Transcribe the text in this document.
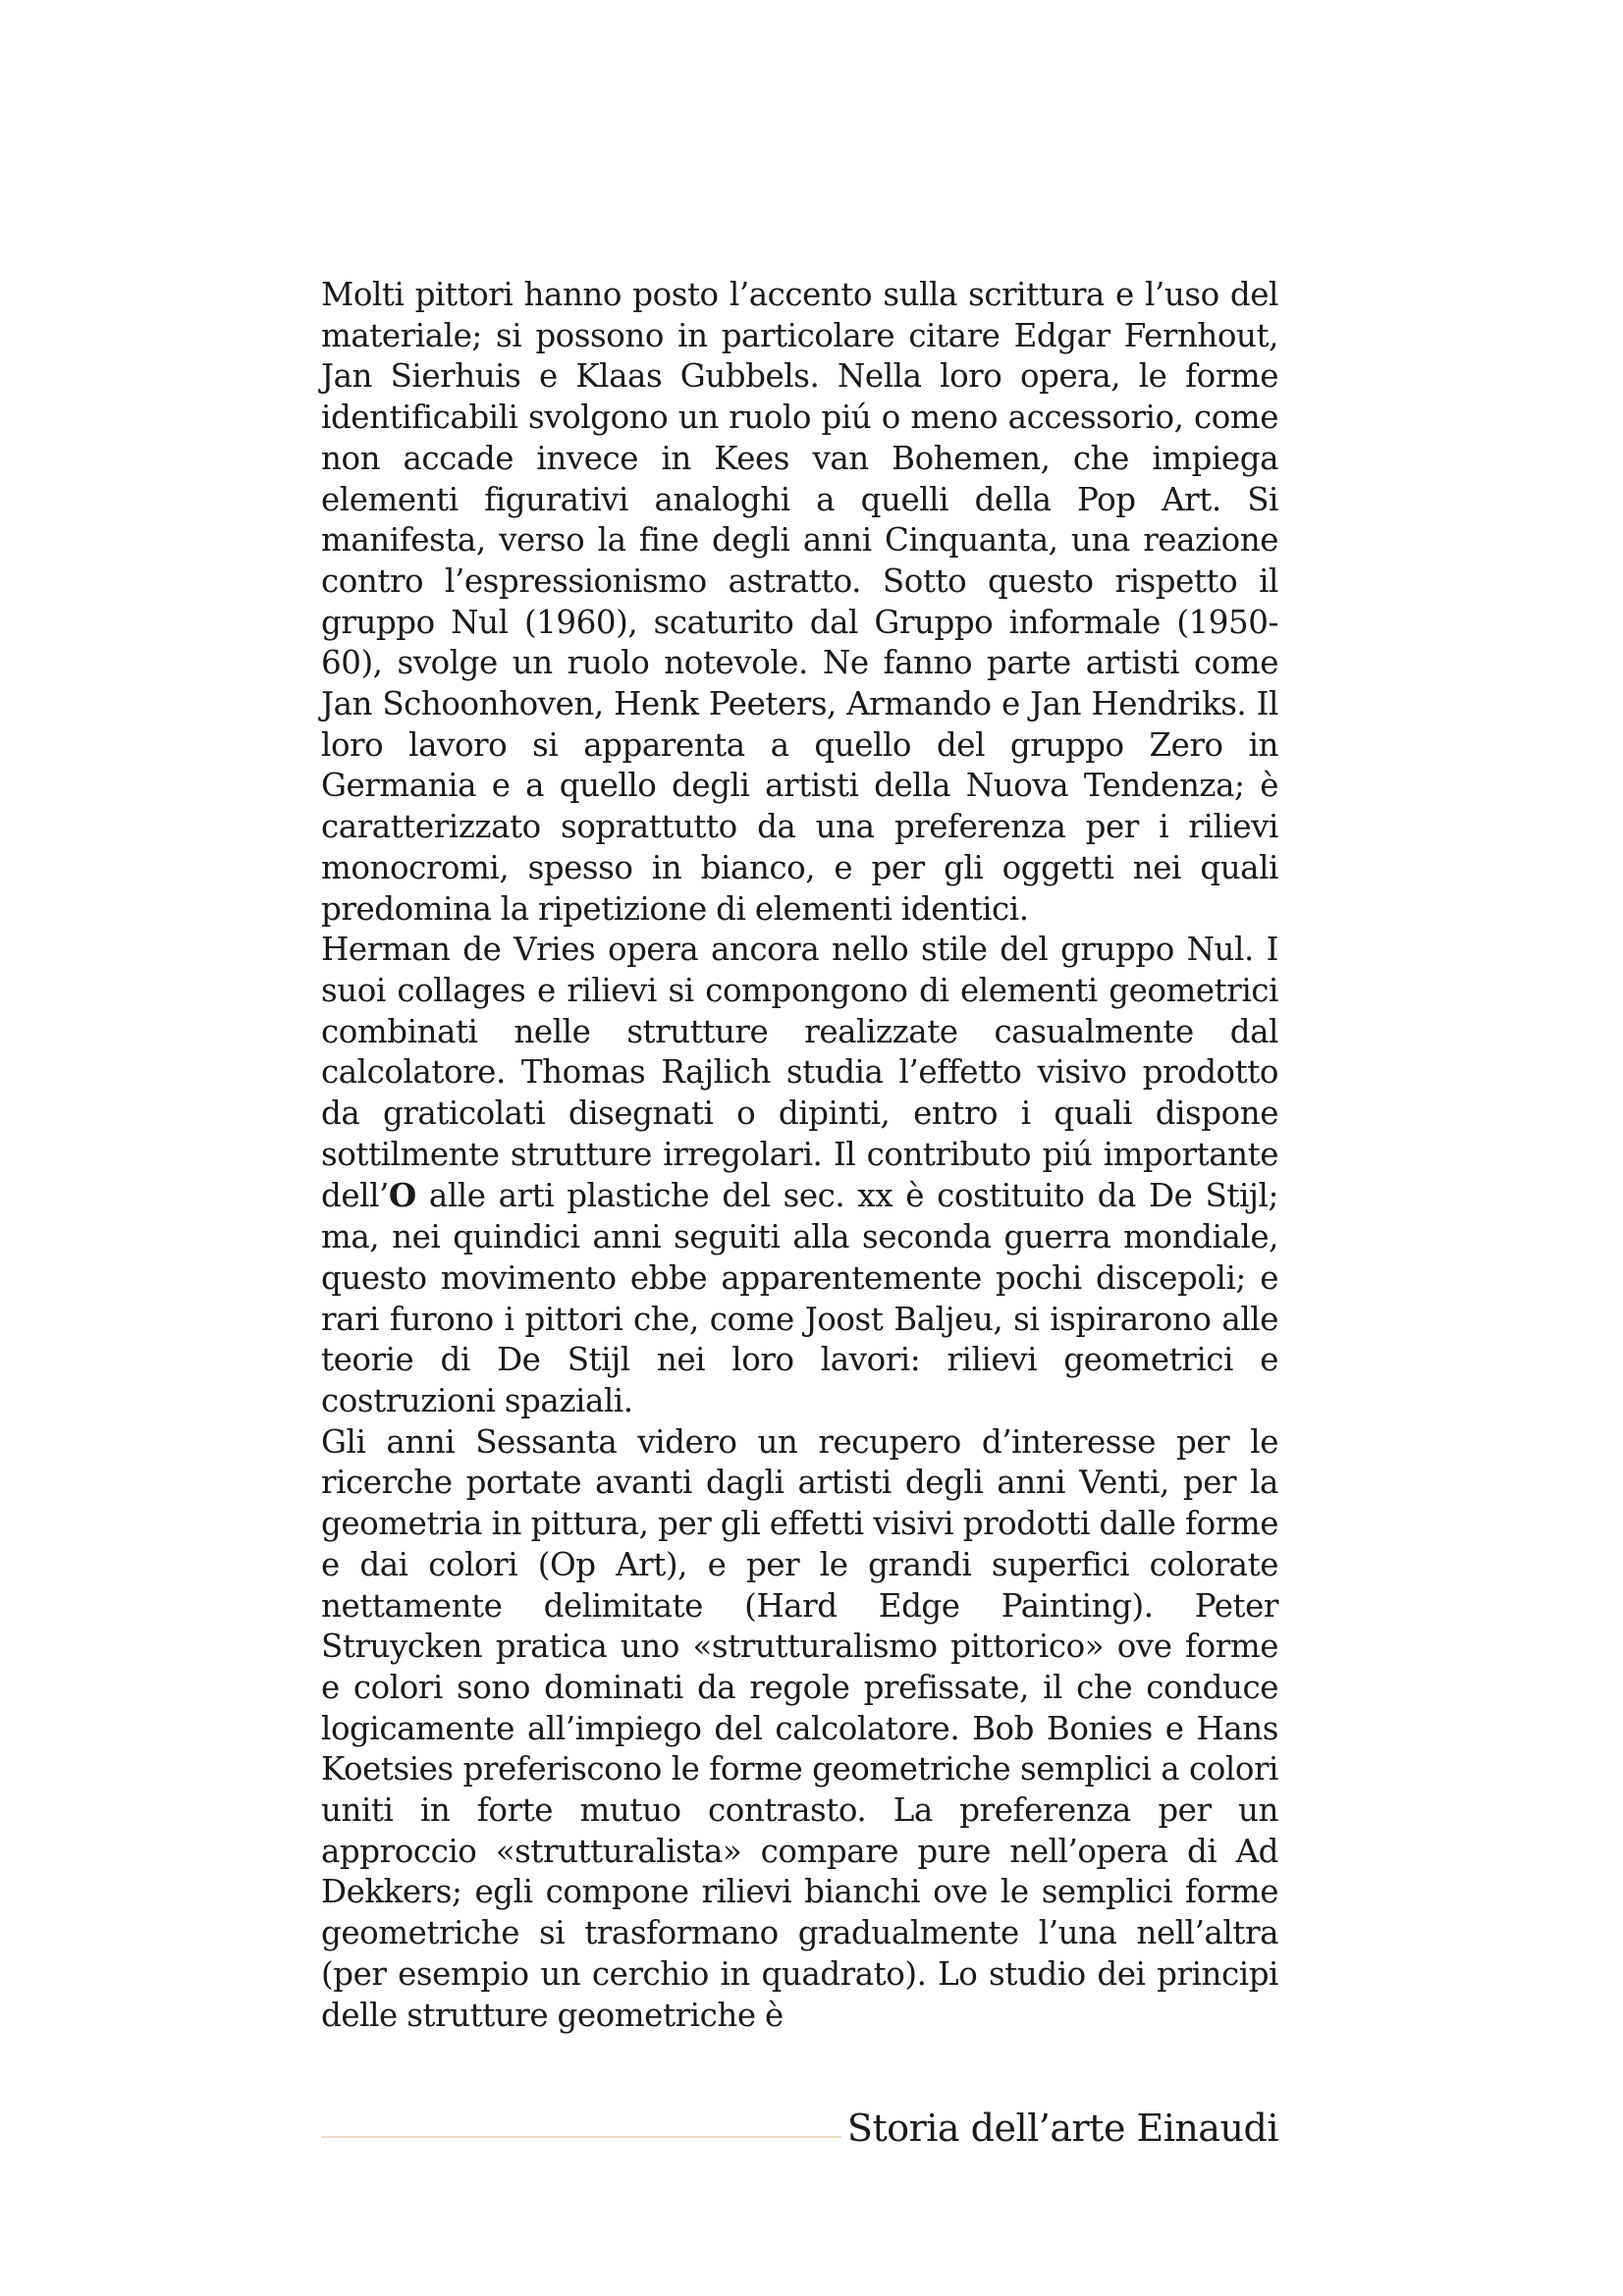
Molti pittori hanno posto l’accento sulla scrittura e l’uso del materiale; si possono in particolare citare Edgar Fernhout, Jan Sierhuis e Klaas Gubbels. Nella loro opera, le forme identificabili svolgono un ruolo piú o meno accessorio, come non accade invece in Kees van Bohemen, che impiega elementi figurativi analoghi a quelli della Pop Art. Si manifesta, verso la fine degli anni Cinquanta, una reazione contro l’espressionismo astratto. Sotto questo rispetto il gruppo Nul (1960), scaturito dal Gruppo informale (1950-60), svolge un ruolo notevole. Ne fanno parte artisti come Jan Schoonhoven, Henk Peeters, Armando e Jan Hendriks. Il loro lavoro si apparenta a quello del gruppo Zero in Germania e a quello degli artisti della Nuova Tendenza; è caratterizzato soprattutto da una preferenza per i rilievi monocromi, spesso in bianco, e per gli oggetti nei quali predomina la ripetizione di elementi identici.

Herman de Vries opera ancora nello stile del gruppo Nul. I suoi collages e rilievi si compongono di elementi geometrici combinati nelle strutture realizzate casualmente dal calcolatore. Thomas Rajlich studia l’effetto visivo prodotto da graticolati disegnati o dipinti, entro i quali dispone sottilmente strutture irregolari. Il contributo piú importante dell’O alle arti plastiche del sec. xx è costituito da De Stijl; ma, nei quindici anni seguiti alla seconda guerra mondiale, questo movimento ebbe apparentemente pochi discepoli; e rari furono i pittori che, come Joost Baljeu, si ispirarono alle teorie di De Stijl nei loro lavori: rilievi geometrici e costruzioni spaziali.

Gli anni Sessanta videro un recupero d’interesse per le ricerche portate avanti dagli artisti degli anni Venti, per la geometria in pittura, per gli effetti visivi prodotti dalle forme e dai colori (Op Art), e per le grandi superfici colorate nettamente delimitate (Hard Edge Painting). Peter Struycken pratica uno «strutturalismo pittorico» ove forme e colori sono dominati da regole prefissate, il che conduce logicamente all’impiego del calcolatore. Bob Bonies e Hans Koetsies preferiscono le forme geometriche semplici a colori uniti in forte mutuo contrasto. La preferenza per un approccio «strutturalista» compare pure nell’opera di Ad Dekkers; egli compone rilievi bianchi ove le semplici forme geometriche si trasformano gradualmente l’una nell’altra (per esempio un cerchio in quadrato). Lo studio dei principi delle strutture geometriche è

Storia dell’arte Einaudi
